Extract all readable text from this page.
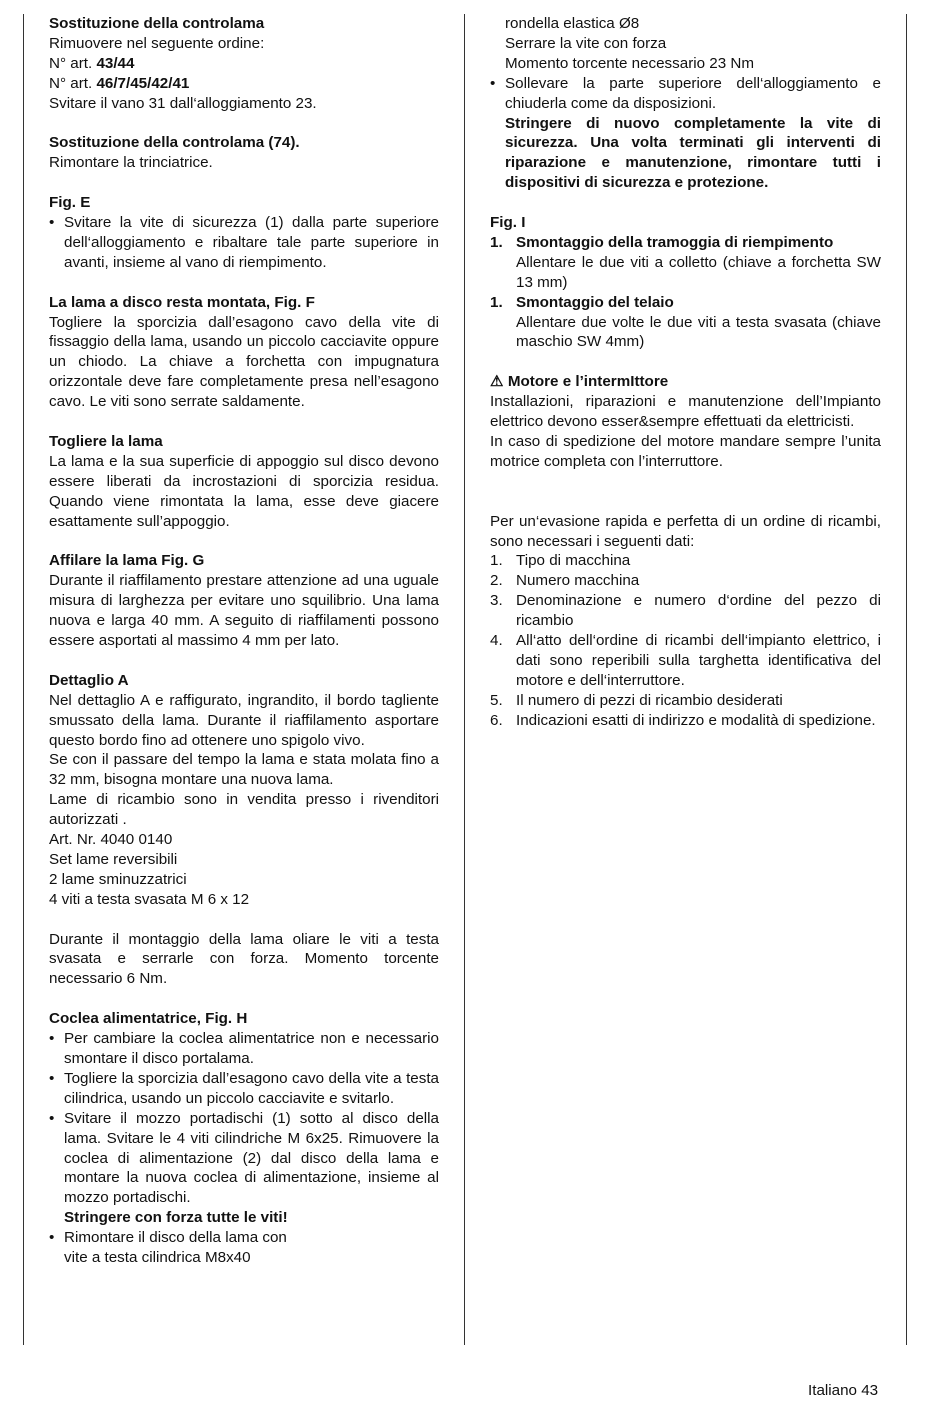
Sostituzione della controlama

Rimuovere nel seguente ordine:

N° art. 43/44

N° art. 46/7/45/42/41

Svitare il vano 31 dall‘alloggiamento 23.

Sostituzione della controlama (74).

Rimontare la trinciatrice.

Fig. E

• Svitare la vite di sicurezza (1) dalla parte superiore dell‘alloggiamento e ribaltare tale parte superiore in avanti, insieme al vano di riempimento.

La lama a disco resta montata, Fig. F

Togliere la sporcizia dall’esagono cavo della vite di fissaggio della lama, usando un piccolo cacciavite oppure un chiodo. La chiave a forchetta con impugnatura orizzontale deve fare completamente presa nell’esagono cavo. Le viti sono serrate saldamente.

Togliere la lama

La lama e la sua superficie di appoggio sul disco devono essere liberati da incrostazioni di sporcizia residua. Quando viene rimontata la lama, esse deve giacere esattamente sull’appoggio.

Affilare la lama Fig. G

Durante il riaffilamento prestare attenzione ad una uguale misura di larghezza per evitare uno squilibrio. Una lama nuova e larga 40 mm. A seguito di riaffilamenti possono essere asportati al massimo 4 mm per lato.

Dettaglio A

Nel dettaglio A e raffigurato, ingrandito, il bordo tagliente smussato della lama. Durante il riaffilamento asportare questo bordo fino ad ottenere uno spigolo vivo.

Se con il passare del tempo la lama e stata molata fino a 32 mm, bisogna montare una nuova lama.

Lame di ricambio sono in vendita presso i rivenditori autorizzati .

Art. Nr. 4040 0140

Set lame reversibili

2 lame sminuzzatrici

4 viti a testa svasata M 6 x 12

Durante il montaggio della lama oliare le viti a testa svasata e serrarle con forza. Momento torcente necessario 6 Nm.

Coclea alimentatrice, Fig. H

• Per cambiare la coclea alimentatrice non e necessario smontare il disco portalama.
• Togliere la sporcizia dall’esagono cavo della vite a testa cilindrica, usando un piccolo cacciavite e svitarlo.
• Svitare il mozzo portadischi (1) sotto al disco della lama. Svitare le 4 viti cilindriche M 6x25. Rimuovere la coclea di alimentazione (2) dal disco della lama e montare la nuova coclea di alimentazione, insieme al mozzo portadischi.

Stringere con forza tutte le viti!

• Rimontare il disco della lama con

vite a testa cilindrica M8x40

rondella elastica Ø8

Serrare la vite con forza

Momento torcente necessario 23 Nm

• Sollevare la parte superiore dell‘alloggiamento e chiuderla come da disposizioni.

Stringere di nuovo completamente la vite di sicurezza. Una volta terminati gli interventi di riparazione e manutenzione, rimontare tutti i dispositivi di sicurezza e protezione.

Fig. I

1. Smontaggio della tramoggia di riempimento

Allentare le due viti a colletto (chiave a forchetta SW 13 mm)

1. Smontaggio del telaio

Allentare due volte le due viti a testa svasata (chiave maschio SW 4mm)

⚠ Motore e l’intermIttore

Installazioni, riparazioni e manutenzione dell’Impianto elettrico devono esser&sempre effettuati da elettricisti.

In caso di spedizione del motore mandare sempre l’unita motrice completa con l’interruttore.

Per un‘evasione rapida e perfetta di un ordine di ricambi, sono necessari i seguenti dati:

1. Tipo di macchina
2. Numero macchina
3. Denominazione e numero d‘ordine del pezzo di ricambio
4. All‘atto dell‘ordine di ricambi dell‘impianto elettrico, i dati sono reperibili sulla targhetta identificativa del motore e dell‘interruttore.
5. Il numero di pezzi di ricambio desiderati
6. Indicazioni esatti di indirizzo e modalità di spedizione.
Italiano 43
